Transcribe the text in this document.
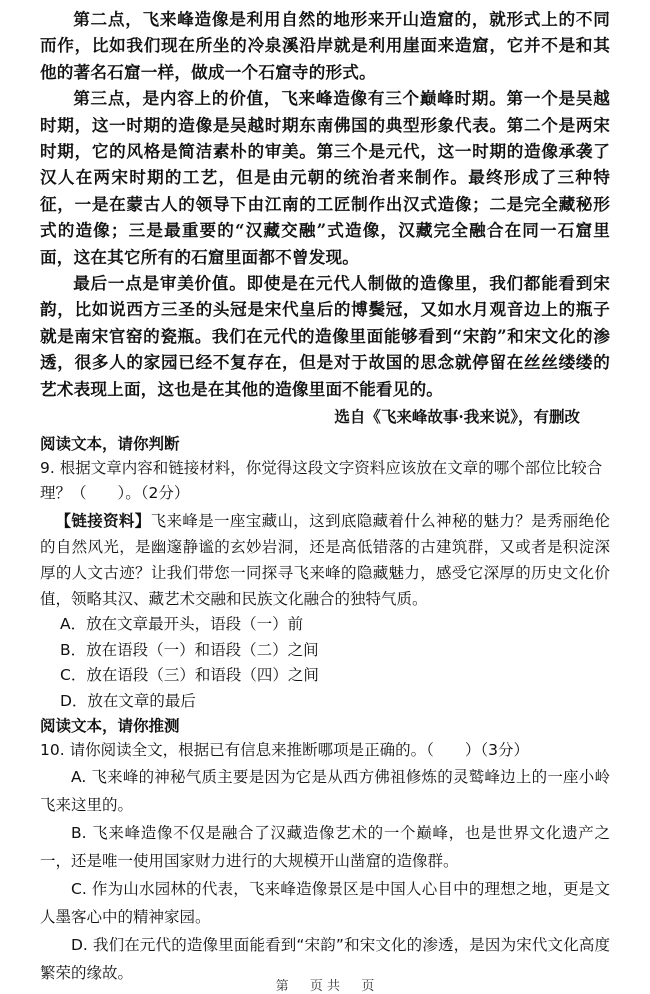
第二点，飞来峰造像是利用自然的地形来开山造窟的，就形式上的不同而作，比如我们现在所坐的冷泉溪沿岸就是利用崖面来造窟，它并不是和其他的著名石窟一样，做成一个石窟寺的形式。

第三点，是内容上的价值，飞来峰造像有三个巅峰时期。第一个是吴越时期，这一时期的造像是吴越时期东南佛国的典型形象代表。第二个是两宋时期，它的风格是简洁素朴的审美。第三个是元代，这一时期的造像承袭了汉人在两宋时期的工艺，但是由元朝的统治者来制作。最终形成了三种特征，一是在蒙古人的领导下由江南的工匠制作出汉式造像；二是完全藏秘形式的造像；三是最重要的“汉藏交融”式造像，汉藏完全融合在同一石窟里面，这在其它所有的石窟里面都不曾发现。

最后一点是审美价值。即使是在元代人制做的造像里，我们都能看到宋韵，比如说西方三圣的头冠是宋代皇后的博鬓冠，又如水月观音边上的瓶子就是南宋官窑的瓷瓶。我们在元代的造像里面能够看到“宋韵”和宋文化的渗透，很多人的家园已经不复存在，但是对于故国的思念就停留在丝丝缕缕的艺术表现上面，这也是在其他的造像里面不能看见的。

选自《飞来峰故事·我来说》，有删改

阅读文本，请你判断

9. 根据文章内容和链接材料，你觉得这段文字资料应该放在文章的哪个部位比较合理？（　　）。（2分）

【链接资料】飞来峰是一座宝藏山，这到底隐藏着什么神秘的魅力？是秀丽绝伦的自然风光，是幽邃静谧的玄妙岩洞，还是高低错落的古建筑群，又或者是积淀深厚的人文古迹？让我们带您一同探寻飞来峰的隐藏魅力，感受它深厚的历史文化价值，领略其汉、藏艺术交融和民族文化融合的独特气质。

A．放在文章最开头，语段（一）前

B．放在语段（一）和语段（二）之间

C．放在语段（三）和语段（四）之间

D．放在文章的最后

阅读文本，请你推测

10. 请你阅读全文，根据已有信息来推断哪项是正确的。（　　）（3分）

A. 飞来峰的神秘气质主要是因为它是从西方佛祖修炼的灵鹫峰边上的一座小岭飞来这里的。

B. 飞来峰造像不仅是融合了汉藏造像艺术的一个巅峰，也是世界文化遗产之一，还是唯一使用国家财力进行的大规模开山凿窟的造像群。

C. 作为山水园林的代表，飞来峰造像景区是中国人心目中的理想之地，更是文人墨客心中的精神家园。

D. 我们在元代的造像里面能看到“宋韵”和宋文化的渗透，是因为宋代文化高度繁荣的缘故。

第 　 页 共 　 页
